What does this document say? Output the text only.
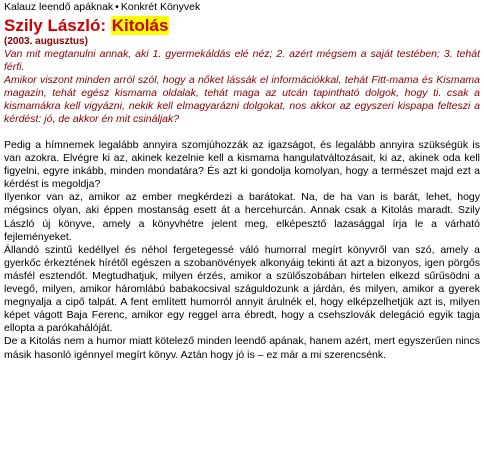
Kalauz leendő apáknak • Konkrét Könyvek
Szily László: Kitolás
(2003. augusztus)

Van mit megtanulni annak, aki 1. gyermekáldás elé néz; 2. azért mégsem a saját testében; 3. tehát férfi.

Amikor viszont minden arról szól, hogy a nőket lássák el információkkal, tehát Fitt-mama és Kismama magazin, tehát egész kismama oldalak, tehát maga az utcán tapintható dolgok, hogy ti. csak a kismamákra kell vigyázni, nekik kell elmagyarázni dolgokat, nos akkor az egyszeri kispapa felteszi a kérdést: jó, de akkor én mit csináljak?

Pedig a hímnemek legalább annyira szomjúhozzák az igazságot, és legalább annyira szükségük is van azokra. Elvégre ki az, akinek kezelnie kell a kismama hangulatváltozásait, ki az, akinek oda kell figyelni, egyre inkább, minden mondatára? És azt ki gondolja komolyan, hogy a természet majd ezt a kérdést is megoldja?

Ilyenkor van az, amikor az ember megkérdezi a barátokat. Na, de ha van is barát, lehet, hogy mégsincs olyan, aki éppen mostanság esett át a hercehurcán. Annak csak a Kitolás maradt. Szily László új könyve, amely a könyvhétre jelent meg, elképesztő lazasággal írja le a várható fejleményeket.

Állandó szintű kedéllyel és néhol fergetegessé váló humorral megírt könyvről van szó, amely a gyerkőc érkeztének hírétől egészen a szobanövények alkonyáig tekinti át azt a bizonyos, igen pörgős másfél esztendőt. Megtudhatjuk, milyen érzés, amikor a szülőszobában hirtelen elkezd sűrűsödni a levegő, milyen, amikor háromlábú babakocsival száguldozunk a járdán, és milyen, amikor a gyerek megnyalja a cipő talpát. A fent említett humorról annyit árulnék el, hogy elképzelhetjük azt is, milyen képet vágott Baja Ferenc, amikor egy reggel arra ébredt, hogy a csehszlovák delegáció egyik tagja ellopta a parókahálóját.

De a Kitolás nem a humor miatt kötelező minden leendő apának, hanem azért, mert egyszerűen nincs másik hasonló igénnyel megírt könyv. Aztán hogy jó is – ez már a mi szerencsénk.
